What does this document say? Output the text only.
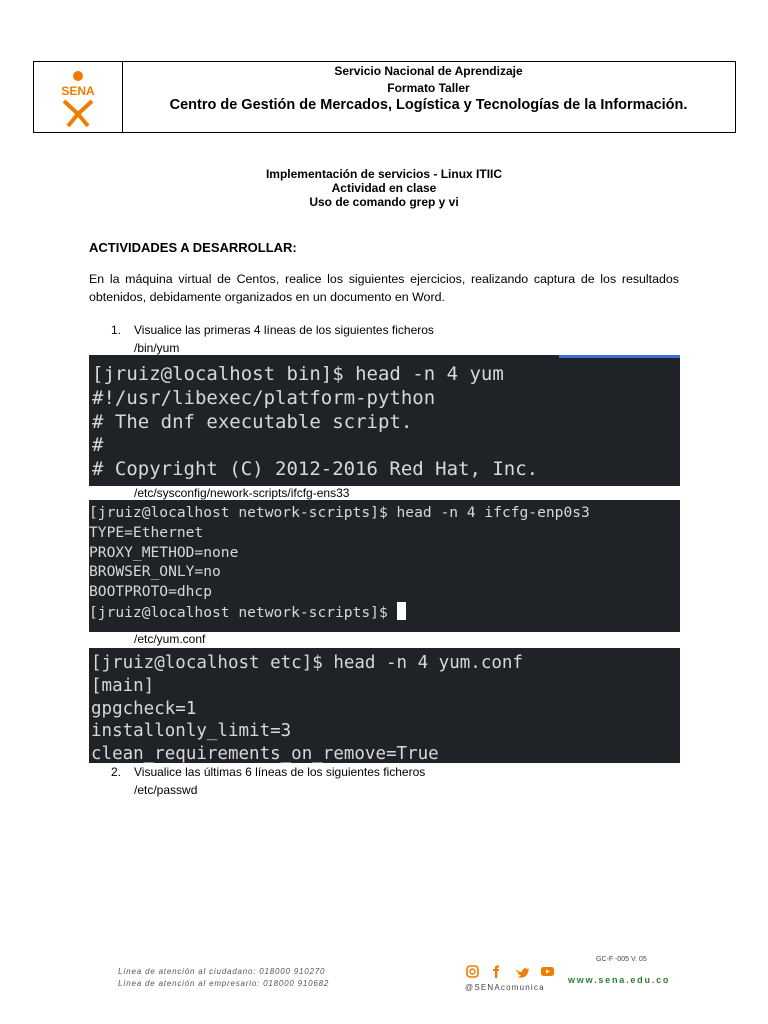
SENA
Servicio Nacional de Aprendizaje
Formato Taller
Centro de Gestión de Mercados, Logística y Tecnologías de la Información.
Implementación de servicios - Linux ITIIC
Actividad en clase
Uso de comando grep y vi
ACTIVIDADES A DESARROLLAR:
En la máquina virtual de Centos, realice los siguientes ejercicios, realizando captura de los resultados obtenidos, debidamente organizados en un documento en Word.
1. Visualice las primeras 4 líneas de los siguientes ficheros
/bin/yum
[jruiz@localhost bin]$ head -n 4 yum
#!/usr/libexec/platform-python
# The dnf executable script.
#
# Copyright (C) 2012-2016 Red Hat, Inc.
/etc/sysconfig/nework-scripts/ifcfg-ens33
[jruiz@localhost network-scripts]$ head -n 4 ifcfg-enp0s3
TYPE=Ethernet
PROXY_METHOD=none
BROWSER_ONLY=no
BOOTPROTO=dhcp
[jruiz@localhost network-scripts]$
/etc/yum.conf
[jruiz@localhost etc]$ head -n 4 yum.conf
[main]
gpgcheck=1
installonly_limit=3
clean_requirements_on_remove=True
2. Visualice las últimas 6 líneas de los siguientes ficheros
/etc/passwd
Línea de atención al ciudadano: 018000 910270
Línea de atención al empresario: 018000 910682
GC-F -005 V. 05
@SENAcomunica
www.sena.edu.co
